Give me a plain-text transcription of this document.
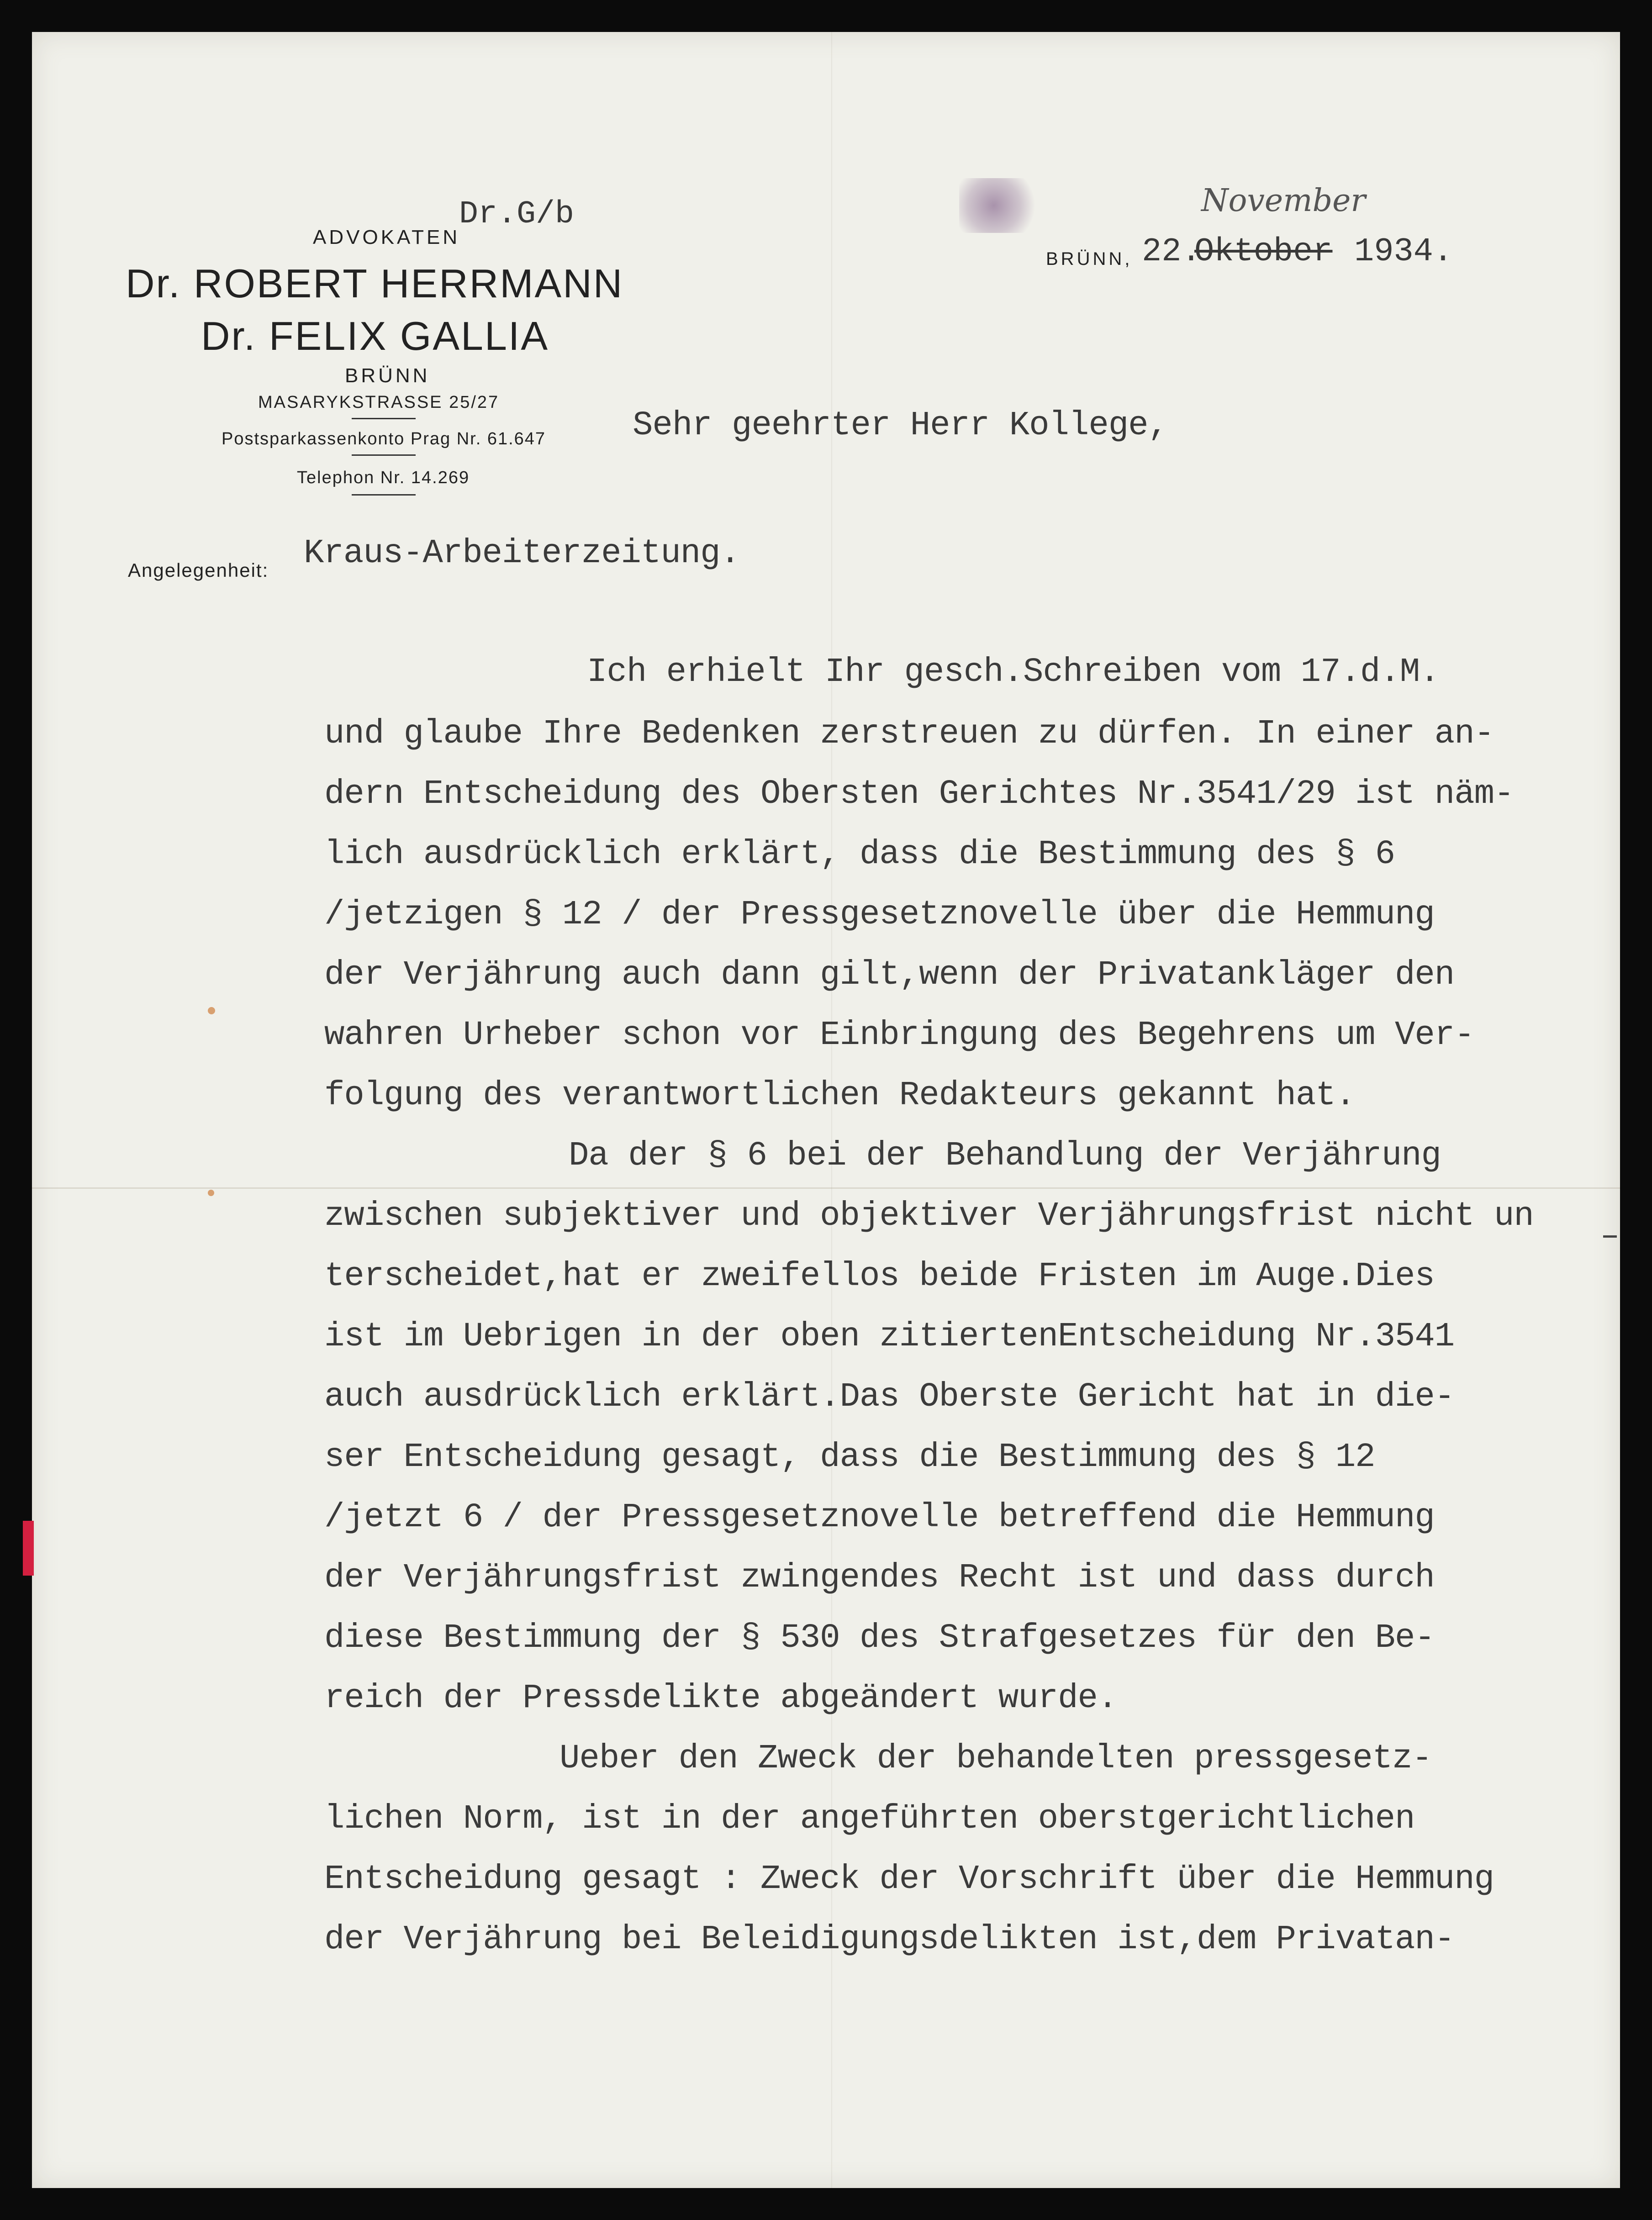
ADVOKATEN
Dr.G/b
Dr. ROBERT HERRMANN
Dr. FELIX GALLIA
BRÜNN
MASARYKSTRASSE 25/27
Postsparkassenkonto Prag Nr. 61.647
Telephon Nr. 14.269
Angelegenheit:
BRÜNN, 22.
Oktober
November
1934.
Sehr geehrter Herr Kollege,
Kraus-Arbeiterzeitung.
Ich erhielt Ihr gesch.Schreiben vom 17.d.M.
und glaube Ihre Bedenken zerstreuen zu dürfen. In einer an-
dern Entscheidung des Obersten Gerichtes Nr.3541/29 ist näm-
lich ausdrücklich erklärt, dass die Bestimmung des § 6
/jetzigen § 12 / der Pressgesetznovelle über die Hemmung
der Verjährung auch dann gilt,wenn der Privatankläger den
wahren Urheber schon vor Einbringung des Begehrens um Ver-
folgung des verantwortlichen Redakteurs gekannt hat.
Da der § 6 bei der Behandlung der Verjährung
zwischen subjektiver und objektiver Verjährungsfrist nicht un
terscheidet,hat er zweifellos beide Fristen im Auge.Dies
ist im Uebrigen in der oben zitiertenEntscheidung Nr.3541
auch ausdrücklich erklärt.Das Oberste Gericht hat in die-
ser Entscheidung gesagt, dass die Bestimmung des § 12
/jetzt 6 / der Pressgesetznovelle betreffend die Hemmung
der Verjährungsfrist zwingendes Recht ist und dass durch
diese Bestimmung der § 530 des Strafgesetzes für den Be-
reich der Pressdelikte abgeändert wurde.
Ueber den Zweck der behandelten pressgesetz-
lichen Norm, ist in der angeführten oberstgerichtlichen
Entscheidung gesagt : Zweck der Vorschrift über die Hemmung
der Verjährung bei Beleidigungsdelikten ist,dem Privatan-
